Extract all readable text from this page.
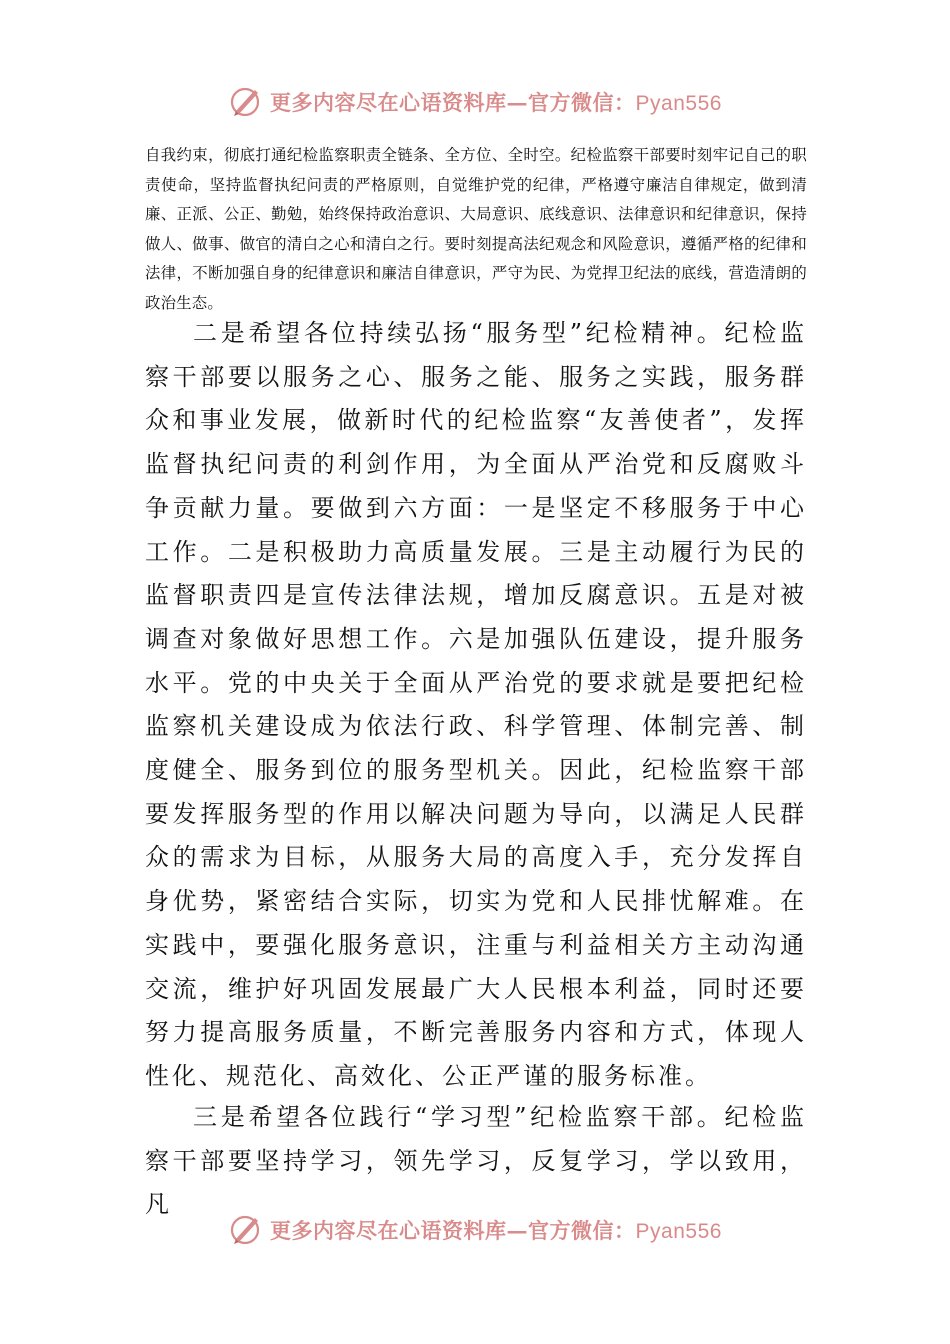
更多内容尽在心语资料库—官方微信：Pyan556

自我约束，彻底打通纪检监察职责全链条、全方位、全时空。纪检监察干部要时刻牢记自己的职责使命，坚持监督执纪问责的严格原则，自觉维护党的纪律，严格遵守廉洁自律规定，做到清廉、正派、公正、勤勉，始终保持政治意识、大局意识、底线意识、法律意识和纪律意识，保持做人、做事、做官的清白之心和清白之行。要时刻提高法纪观念和风险意识，遵循严格的纪律和法律，不断加强自身的纪律意识和廉洁自律意识，严守为民、为党捍卫纪法的底线，营造清朗的政治生态。

二是希望各位持续弘扬“服务型”纪检精神。纪检监察干部要以服务之心、服务之能、服务之实践，服务群众和事业发展，做新时代的纪检监察“友善使者”，发挥监督执纪问责的利剑作用，为全面从严治党和反腐败斗争贡献力量。要做到六方面：一是坚定不移服务于中心工作。二是积极助力高质量发展。三是主动履行为民的监督职责四是宣传法律法规，增加反腐意识。五是对被调查对象做好思想工作。六是加强队伍建设，提升服务水平。党的中央关于全面从严治党的要求就是要把纪检监察机关建设成为依法行政、科学管理、体制完善、制度健全、服务到位的服务型机关。因此，纪检监察干部要发挥服务型的作用以解决问题为导向，以满足人民群众的需求为目标，从服务大局的高度入手，充分发挥自身优势，紧密结合实际，切实为党和人民排忧解难。在实践中，要强化服务意识，注重与利益相关方主动沟通交流，维护好巩固发展最广大人民根本利益，同时还要努力提高服务质量，不断完善服务内容和方式，体现人性化、规范化、高效化、公正严谨的服务标准。

三是希望各位践行“学习型”纪检监察干部。纪检监察干部要坚持学习，领先学习，反复学习，学以致用，凡

更多内容尽在心语资料库—官方微信：Pyan556
